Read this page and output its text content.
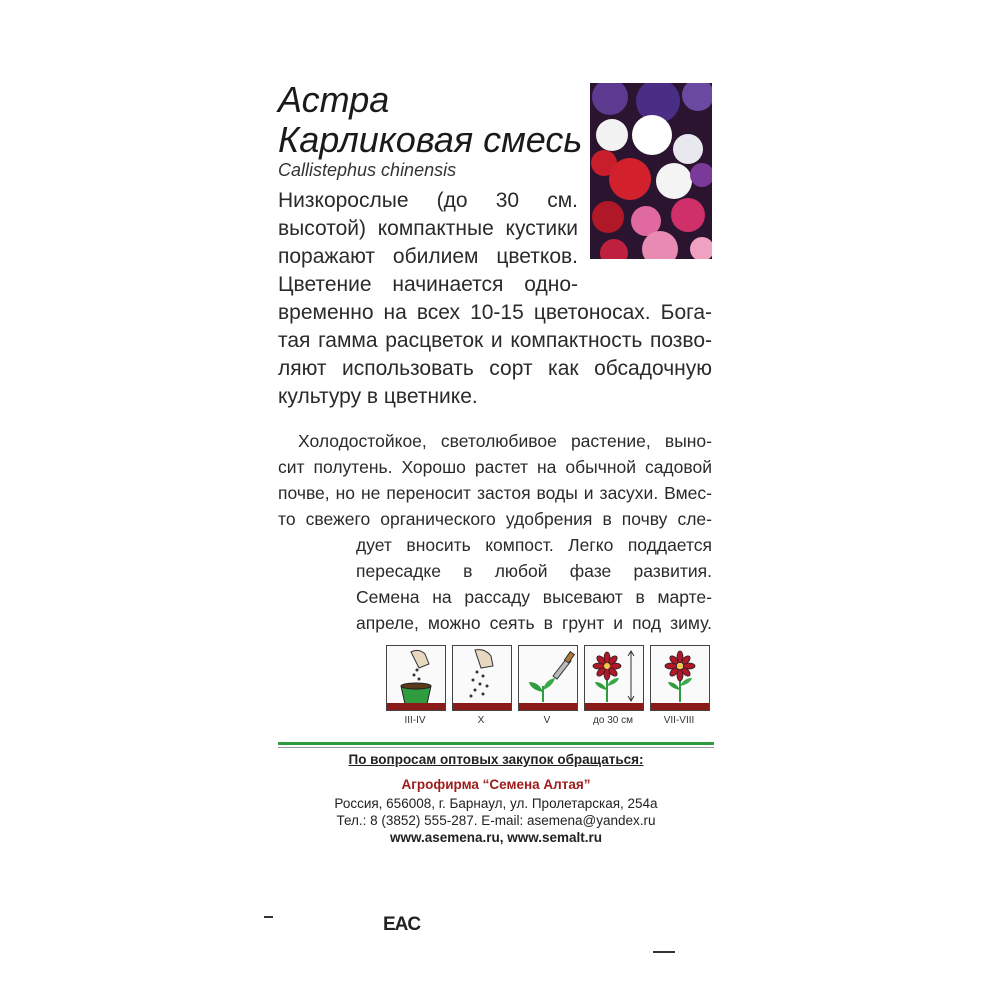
Астра
Карликовая смесь
Callistephus chinensis
Низкорослые (до 30 см.
высотой) компактные кустики
поражают обилием цветков.
Цветение начинается одно-
временно на всех 10-15 цветоносах. Бога-
тая гамма расцветок и компактность позво-
ляют использовать сорт как обсадочную
культуру в цветнике.
Холодостойкое, светолюбивое растение, выно-
сит полутень. Хорошо растет на обычной садовой
почве, но не переносит застоя воды и засухи. Вмес-
то свежего органического удобрения в почву сле-
дует вносить компост. Легко поддается
пересадке в любой фазе развития.
Семена на рассаду высевают в марте-
апреле, можно сеять в грунт и под зиму.
III-IV	X	V	до 30 см	VII-VIII
По вопросам оптовых закупок обращаться:
Агрофирма “Семена Алтая”
Россия, 656008, г. Барнаул, ул. Пролетарская, 254а
Тел.: 8 (3852) 555-287. E-mail: asemena@yandex.ru
www.asemena.ru, www.semalt.ru
EAC
